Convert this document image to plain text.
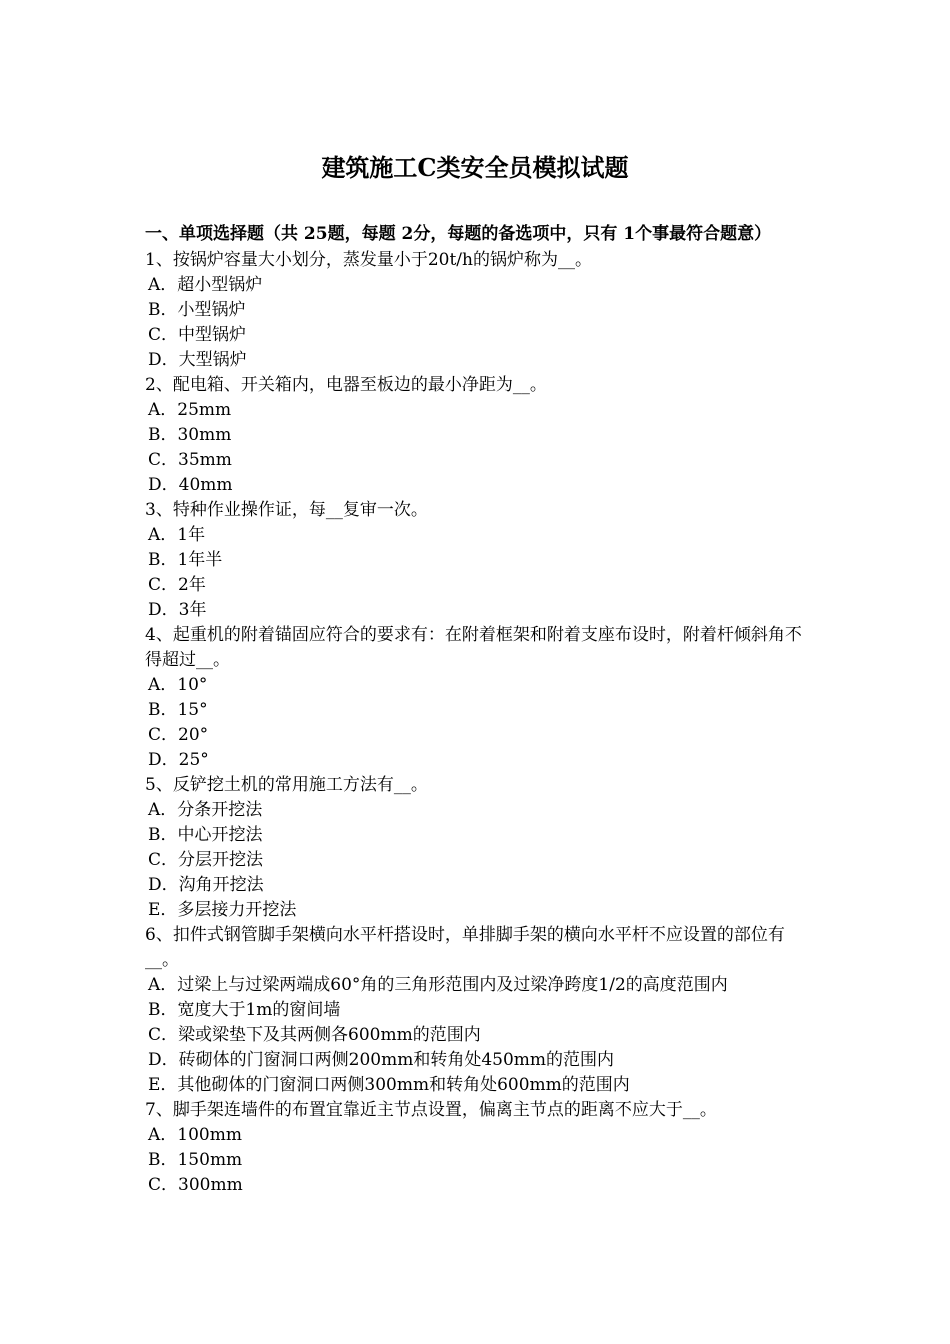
建筑施工C类安全员模拟试题
一、单项选择题（共 25题，每题 2分，每题的备选项中，只有 1个事最符合题意）
1、按锅炉容量大小划分，蒸发量小于20t/h的锅炉称为__。
A．超小型锅炉
B．小型锅炉
C．中型锅炉
D．大型锅炉
2、配电箱、开关箱内，电器至板边的最小净距为__。
A．25mm
B．30mm
C．35mm
D．40mm
3、特种作业操作证，每__复审一次。
A．1年
B．1年半
C．2年
D．3年
4、起重机的附着锚固应符合的要求有：在附着框架和附着支座布设时，附着杆倾斜角不得超过__。
A．10°
B．15°
C．20°
D．25°
5、反铲挖土机的常用施工方法有__。
A．分条开挖法
B．中心开挖法
C．分层开挖法
D．沟角开挖法
E．多层接力开挖法
6、扣件式钢管脚手架横向水平杆搭设时，单排脚手架的横向水平杆不应设置的部位有__。
A．过梁上与过梁两端成60°角的三角形范围内及过梁净跨度1/2的高度范围内
B．宽度大于1m的窗间墙
C．梁或梁垫下及其两侧各600mm的范围内
D．砖砌体的门窗洞口两侧200mm和转角处450mm的范围内
E．其他砌体的门窗洞口两侧300mm和转角处600mm的范围内
7、脚手架连墙件的布置宜靠近主节点设置，偏离主节点的距离不应大于__。
A．100mm
B．150mm
C．300mm
